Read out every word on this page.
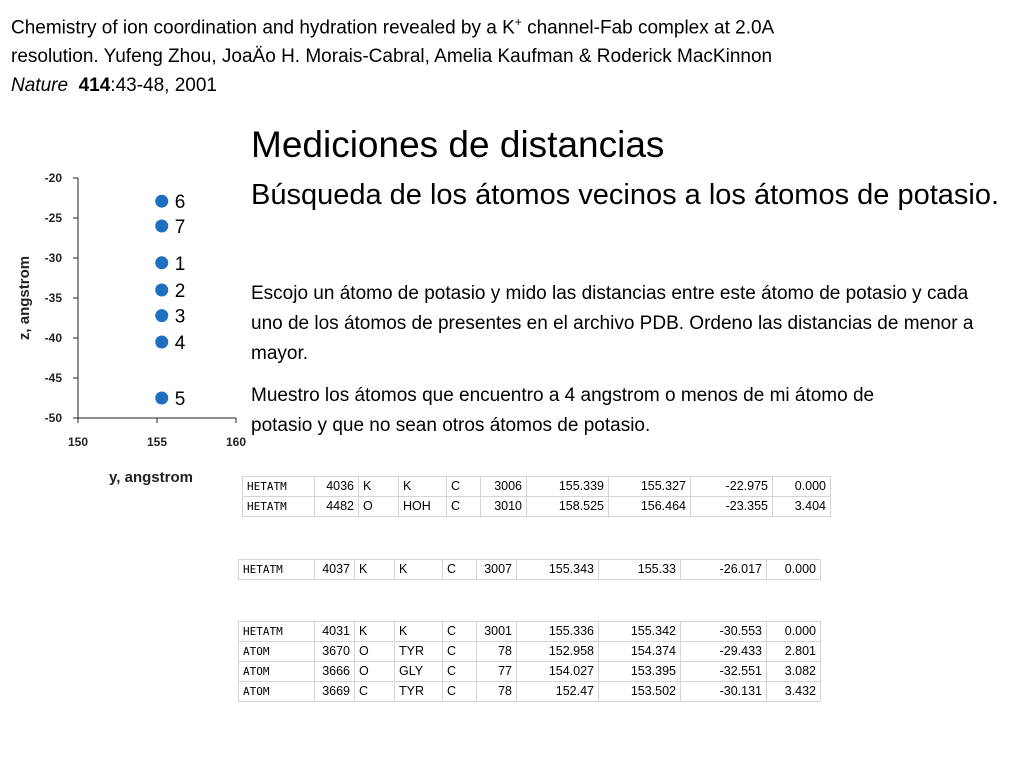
Chemistry of ion coordination and hydration revealed by a K+ channel-Fab complex at 2.0A
resolution. Yufeng Zhou, JoaÄo H. Morais-Cabral, Amelia Kaufman & Roderick MacKinnon
Nature 414:43-48, 2001
Mediciones de distancias
Búsqueda de los átomos vecinos a los átomos de potasio.

Escojo un átomo de potasio y mido las distancias entre este átomo de potasio y cada uno de los átomos de presentes en el archivo PDB. Ordeno las distancias de menor a mayor.

Muestro los átomos que encuentro a 4 angstrom o menos de mi átomo de potasio y que no sean otros átomos de potasio.

-20
-25
-30
-35
-40
-45
-50
150	155	160
y, angstrom
z, angstrom
6
7
1
2
3
4
5
HETATM	4036	K	K	C	3006	155.339	155.327	-22.975	0.000
HETATM	4482	O	HOH	C	3010	158.525	156.464	-23.355	3.404
HETATM	4037	K	K	C	3007	155.343	155.33	-26.017	0.000
HETATM	4031	K	K	C	3001	155.336	155.342	-30.553	0.000
ATOM	3670	O	TYR	C	78	152.958	154.374	-29.433	2.801
ATOM	3666	O	GLY	C	77	154.027	153.395	-32.551	3.082
ATOM	3669	C	TYR	C	78	152.47	153.502	-30.131	3.432
